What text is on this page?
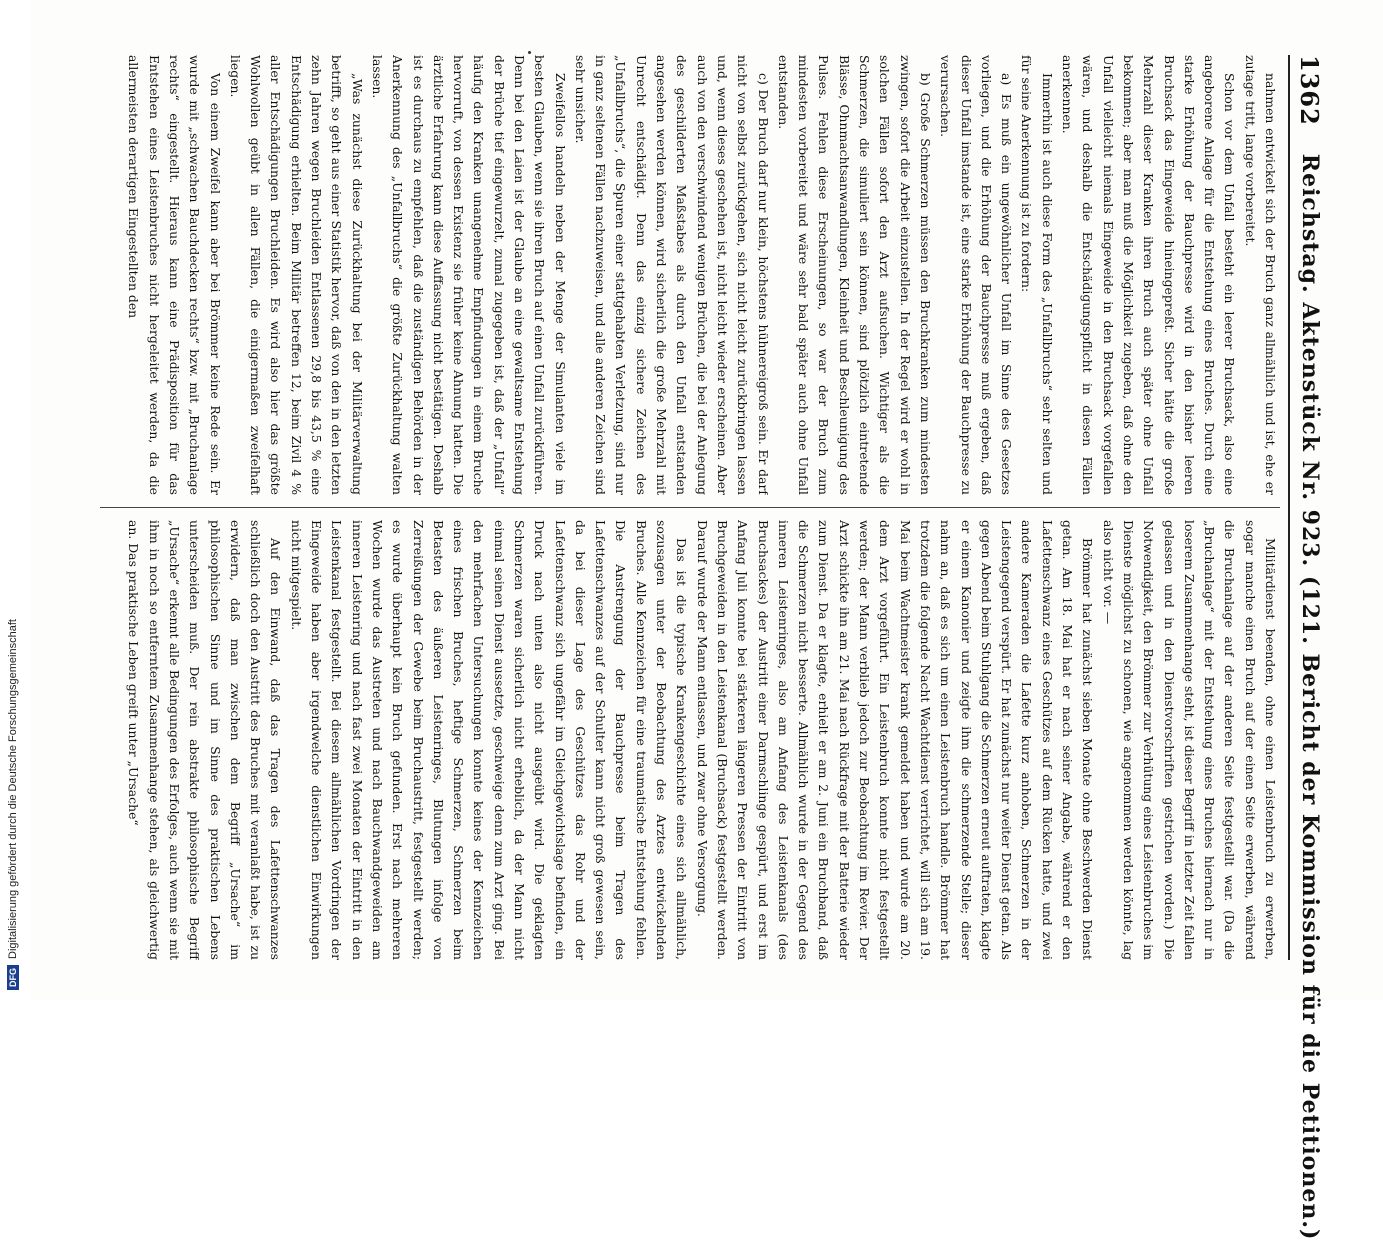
DFG
Digitalisierung gefördert durch die Deutsche Forschungsgemeinschaft
1362
Reichstag. Aktenstück Nr. 923. (121. Bericht der Kommission für die Petitionen.)

nahmen entwickelt sich der Bruch ganz allmählich und ist, ehe er zutage tritt, lange vorbereitet.

Schon vor dem Unfall besteht ein leerer Bruchsack, also eine angeborene Anlage für die Entstehung eines Bruches. Durch eine starke Erhöhung der Bauchpresse wird in den bisher leeren Bruchsack das Eingeweide hineingepreßt. Sicher hätte die große Mehrzahl dieser Kranken ihren Bruch auch später ohne Unfall bekommen; aber man muß die Möglichkeit zugeben, daß ohne den Unfall vielleicht niemals Eingeweide in den Bruchsack vorgefallen wären, und deshalb die Entschädigungspflicht in diesen Fällen anerkennen.

Immerhin ist auch diese Form des „Unfallbruchs“ sehr selten und für seine Anerkennung ist zu fordern:

a) Es muß ein ungewöhnlicher Unfall im Sinne des Gesetzes vorliegen, und die Erhöhung der Bauchpresse muß ergeben, daß dieser Unfall imstande ist, eine starke Erhöhung der Bauchpresse zu verursachen.

b) Große Schmerzen müssen den Bruchkranken zum mindesten zwingen, sofort die Arbeit einzustellen. In der Regel wird er wohl in solchen Fällen sofort den Arzt aufsuchen. Wichtiger als die Schmerzen, die simuliert sein können, sind plötzlich eintretende Blässe, Ohnmachtsanwandlungen, Kleinheit und Beschleunigung des Pulses. Fehlen diese Erscheinungen, so war der Bruch zum mindesten vorbereitet und wäre sehr bald später auch ohne Unfall entstanden.

c) Der Bruch darf nur klein, höchstens hühnereigroß sein. Er darf nicht von selbst zurückgehen, sich nicht leicht zurückbringen lassen und, wenn dieses geschehen ist, nicht leicht wieder erscheinen. Aber auch von den verschwindend wenigen Brüchen, die bei der Anlegung des geschilderten Maßstabes als durch den Unfall entstanden angesehen werden können, wird sicherlich die große Mehrzahl mit Unrecht entschädigt. Denn das einzig sichere Zeichen des „Unfallbruchs“, die Spuren einer stattgehabten Verletzung, sind nur in ganz seltenen Fällen nachzuweisen, und alle anderen Zeichen sind sehr unsicher.

Zweifellos handeln neben der Menge der Simulanten viele im besten Glauben, wenn sie ihren Bruch auf einen Unfall zurückführen. Denn bei den Laien ist der Glaube an eine gewaltsame Entstehung der Brüche tief eingewurzelt, zumal zugegeben ist, daß der „Unfall“ häufig den Kranken unangenehme Empfindungen in einem Bruche hervorruft, von dessen Existenz sie früher keine Ahnung hatten. Die ärztliche Erfahrung kann diese Auffassung nicht bestätigen. Deshalb ist es durchaus zu empfehlen, daß die zuständigen Behörden in der Anerkennung des „Unfallbruchs“ die größte Zurückhaltung walten lassen.

„Was zunächst diese Zurückhaltung bei der Militärverwaltung betrifft, so geht aus einer Statistik hervor, daß von den in den letzten zehn Jahren wegen Bruchleiden Entlassenen 29,8 bis 43,5 % eine Entschädigung erhielten. Beim Militär betreffen 12, beim Zivil 4 % aller Entschädigungen Bruchleiden. Es wird also hier das größte Wohlwollen geübt in allen Fällen, die einigermaßen zweifelhaft liegen.

Von einem Zweifel kann aber bei Brömmer keine Rede sein. Er wurde mit „schwachen Bauchdecken rechts“ bzw. mit „Bruchanlage rechts“ eingestellt. Hieraus kann eine Prädisposition für das Entstehen eines Leistenbruches nicht hergeleitet werden, da die allermeisten derartigen Eingestellten den

Militärdienst beenden, ohne einen Leistenbruch zu erwerben, sogar manche einen Bruch auf der einen Seite erwerben, während die Bruchanlage auf der anderen Seite festgestellt war. (Da die „Bruchanlage“ mit der Entstehung eines Bruches hiernach nur in loserem Zusammenhange steht, ist dieser Begriff in letzter Zeit fallen gelassen und in den Dienstvorschriften gestrichen worden.) Die Notwendigkeit, den Brömmer zur Verhütung eines Leistenbruches im Dienste möglichst zu schonen, wie angenommen werden könnte, lag also nicht vor. —

Brömmer hat zunächst sieben Monate ohne Beschwerden Dienst getan. Am 18. Mai hat er nach seiner Angabe, während er den Lafettenschwanz eines Geschützes auf dem Rücken hatte, und zwei andere Kameraden die Lafette kurz anhoben, Schmerzen in der Leistengegend verspürt. Er hat zunächst nur weiter Dienst getan. Als gegen Abend beim Stuhlgang die Schmerzen erneut auftraten, klagte er einem Kanonier und zeigte ihm die schmerzende Stelle; dieser nahm an, daß es sich um einen Leistenbruch handle. Brömmer hat trotzdem die folgende Nacht Wachtdienst verrichtet, will sich am 19. Mai beim Wachtmeister krank gemeldet haben und wurde am 20. dem Arzt vorgeführt. Ein Leistenbruch konnte nicht festgestellt werden; der Mann verblieb jedoch zur Beobachtung im Revier. Der Arzt schickte ihn am 21. Mai nach Rückfrage mit der Batterie wieder zum Dienst. Da er klagte, erhielt er am 2. Juni ein Bruchband, daß die Schmerzen nicht besserte. Allmählich wurde in der Gegend des inneren Leistenringes, also am Anfang des Leistenkanals (des Bruchsackes) der Austritt einer Darmschlinge gespürt, und erst im Anfang Juli konnte bei stärkeren längeren Pressen der Eintritt von Bruchgeweiden in den Leistenkanal (Bruchsack) festgestellt werden. Darauf wurde der Mann entlassen, und zwar ohne Versorgung.

Das ist die typische Krankengeschichte eines sich allmählich, sozusagen unter der Beobachtung des Arztes entwickelnden Bruches. Alle Kennzeichen für eine traumatische Entstehung fehlen. Die Anstrengung der Bauchpresse beim Tragen des Lafettenschwanzes auf der Schulter kann nicht groß gewesen sein, da bei dieser Lage des Geschützes das Rohr und der Lafettenschwanz sich ungefähr im Gleichgewichtslage befinden, ein Druck nach unten also nicht ausgeübt wird. Die geklagten Schmerzen waren sicherlich nicht erheblich, da der Mann nicht einmal seinen Dienst aussetzte, geschweige denn zum Arzt ging. Bei den mehrfachen Untersuchungen konnte keines der Kennzeichen eines frischen Bruches, heftige Schmerzen, Schmerzen beim Betasten des äußeren Leistenringes, Blutungen infolge von Zerreißungen der Gewebe beim Bruchaustritt, festgestellt werden; es wurde überhaupt kein Bruch gefunden. Erst nach mehreren Wochen wurde das Austreten und nach Bauchwandgeweiden am inneren Leistenring und nach fast zwei Monaten der Eintritt in den Leistenkanal festgestellt. Bei diesem allmählichen Vordringen der Eingeweide haben aber irgendwelche dienstlichen Einwirkungen nicht mitgespielt.

Auf den Einwand, daß das Tragen des Lafettenschwanzes schließlich doch den Austritt des Bruches mit veranlaßt habe, ist zu erwidern, daß man zwischen dem Begriff „Ursache“ im philosophischen Sinne und im Sinne des praktischen Lebens unterscheiden muß. Der rein abstrakte philosophische Begriff „Ursache“ erkennt alle Bedingungen des Erfolges, auch wenn sie mit ihm in noch so entferntem Zusammenhange stehen, als gleichwertig an. Das praktische Leben greift unter „Ursache“
